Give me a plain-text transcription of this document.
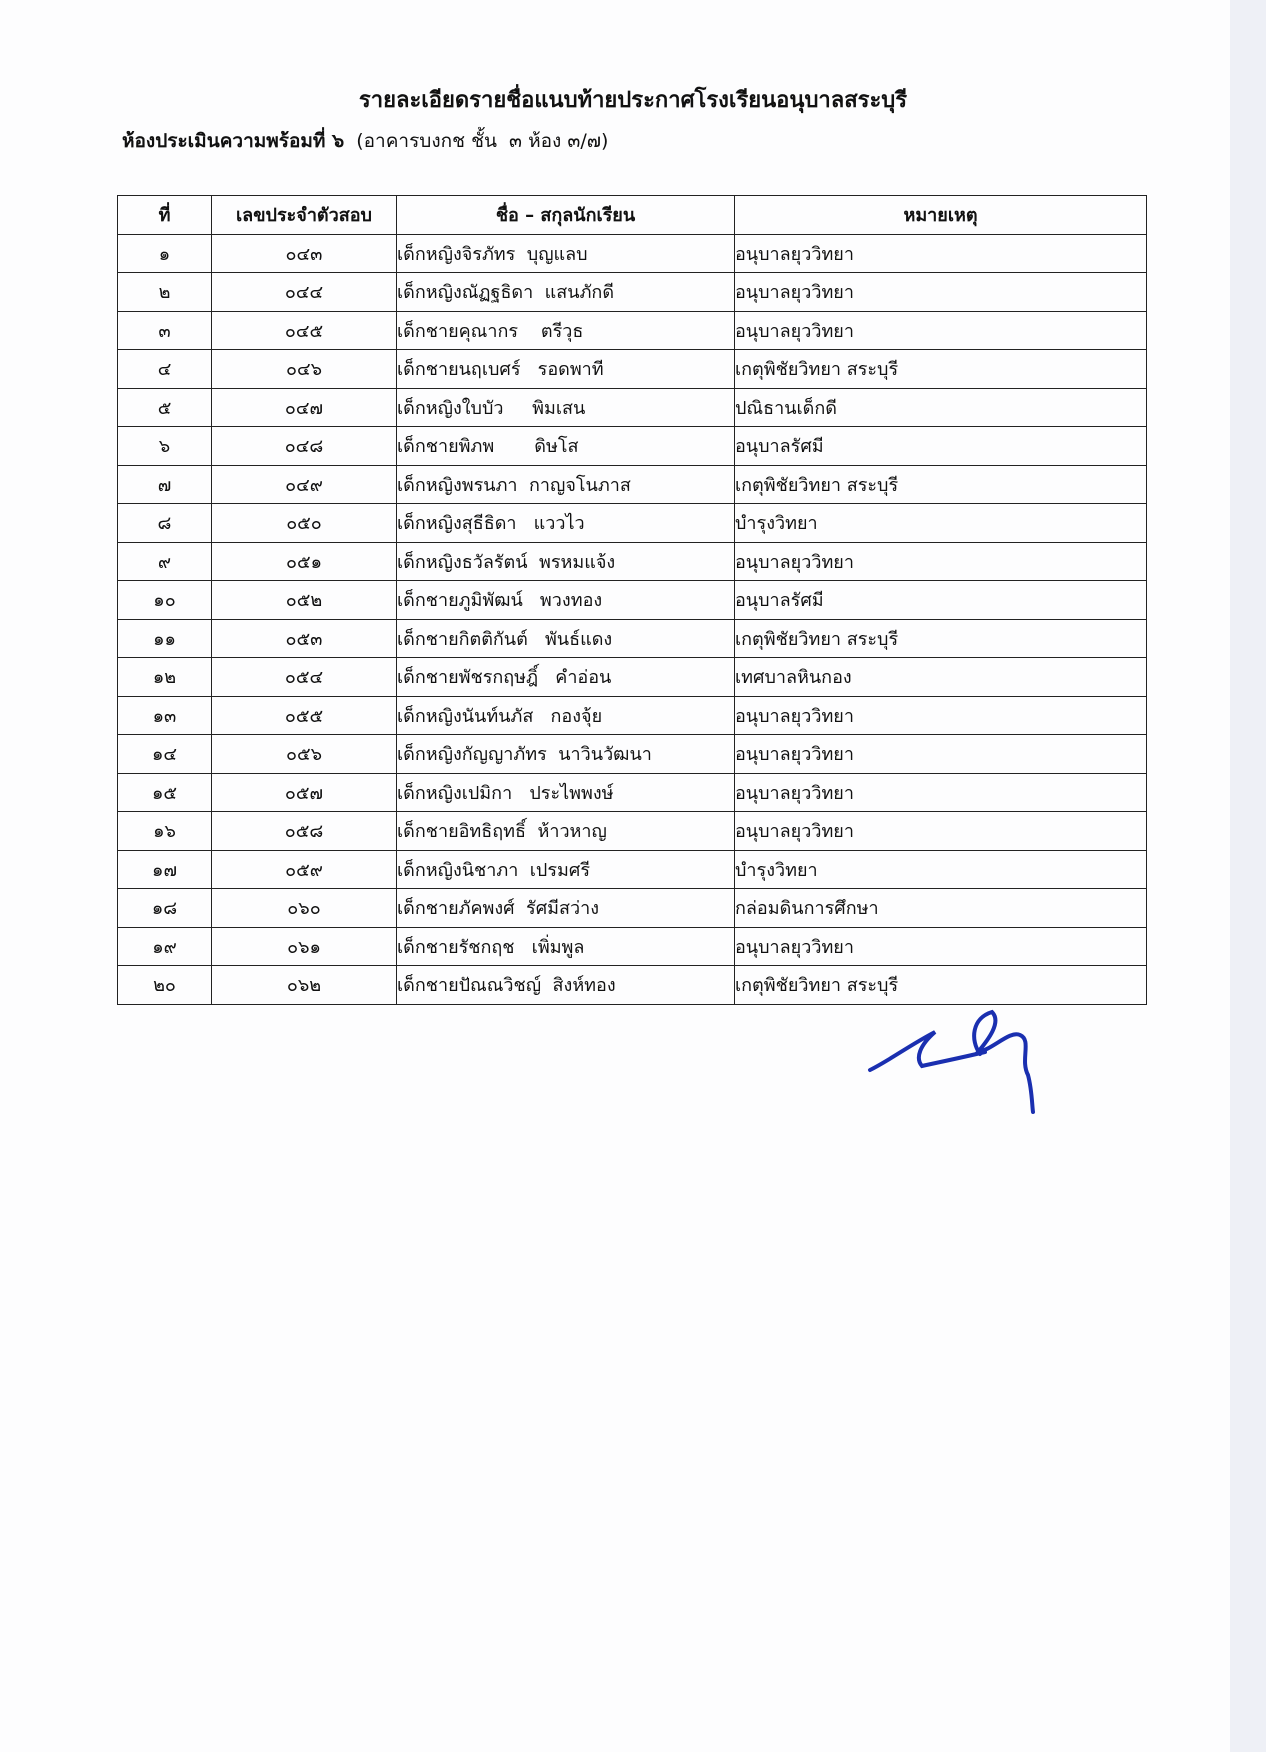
รายละเอียดรายชื่อแนบท้ายประกาศโรงเรียนอนุบาลสระบุรี
ห้องประเมินความพร้อมที่ ๖ (อาคารบงกช ชั้น  ๓ ห้อง ๓/๗)
ที่	เลขประจำตัวสอบ	ชื่อ – สกุลนักเรียน	หมายเหตุ
๑	๐๔๓	เด็กหญิงจิรภัทร  บุญแลบ	อนุบาลยุววิทยา
๒	๐๔๔	เด็กหญิงณัฏฐธิดา  แสนภักดี	อนุบาลยุววิทยา
๓	๐๔๕	เด็กชายคุณากร    ตรีวุธ	อนุบาลยุววิทยา
๔	๐๔๖	เด็กชายนฤเบศร์   รอดพาที	เกตุพิชัยวิทยา สระบุรี
๕	๐๔๗	เด็กหญิงใบบัว     พิมเสน	ปณิธานเด็กดี
๖	๐๔๘	เด็กชายพิภพ       ดิษโส	อนุบาลรัศมี
๗	๐๔๙	เด็กหญิงพรนภา  กาญจโนภาส	เกตุพิชัยวิทยา สระบุรี
๘	๐๕๐	เด็กหญิงสุธีธิดา   แววไว	บำรุงวิทยา
๙	๐๕๑	เด็กหญิงธวัลรัตน์  พรหมแจ้ง	อนุบาลยุววิทยา
๑๐	๐๕๒	เด็กชายภูมิพัฒน์   พวงทอง	อนุบาลรัศมี
๑๑	๐๕๓	เด็กชายกิตติกันต์   พันธ์แดง	เกตุพิชัยวิทยา สระบุรี
๑๒	๐๕๔	เด็กชายพัชรกฤษฎิ์   คำอ่อน	เทศบาลหินกอง
๑๓	๐๕๕	เด็กหญิงนันท์นภัส   กองจุ้ย	อนุบาลยุววิทยา
๑๔	๐๕๖	เด็กหญิงกัญญาภัทร  นาวินวัฒนา	อนุบาลยุววิทยา
๑๕	๐๕๗	เด็กหญิงเปมิกา   ประไพพงษ์	อนุบาลยุววิทยา
๑๖	๐๕๘	เด็กชายอิทธิฤทธิ์  ห้าวหาญ	อนุบาลยุววิทยา
๑๗	๐๕๙	เด็กหญิงนิชาภา  เปรมศรี	บำรุงวิทยา
๑๘	๐๖๐	เด็กชายภัคพงศ์  รัศมีสว่าง	กล่อมดินการศึกษา
๑๙	๐๖๑	เด็กชายรัชกฤช   เพิ่มพูล	อนุบาลยุววิทยา
๒๐	๐๖๒	เด็กชายปัณณวิชญ์  สิงห์ทอง	เกตุพิชัยวิทยา สระบุรี
